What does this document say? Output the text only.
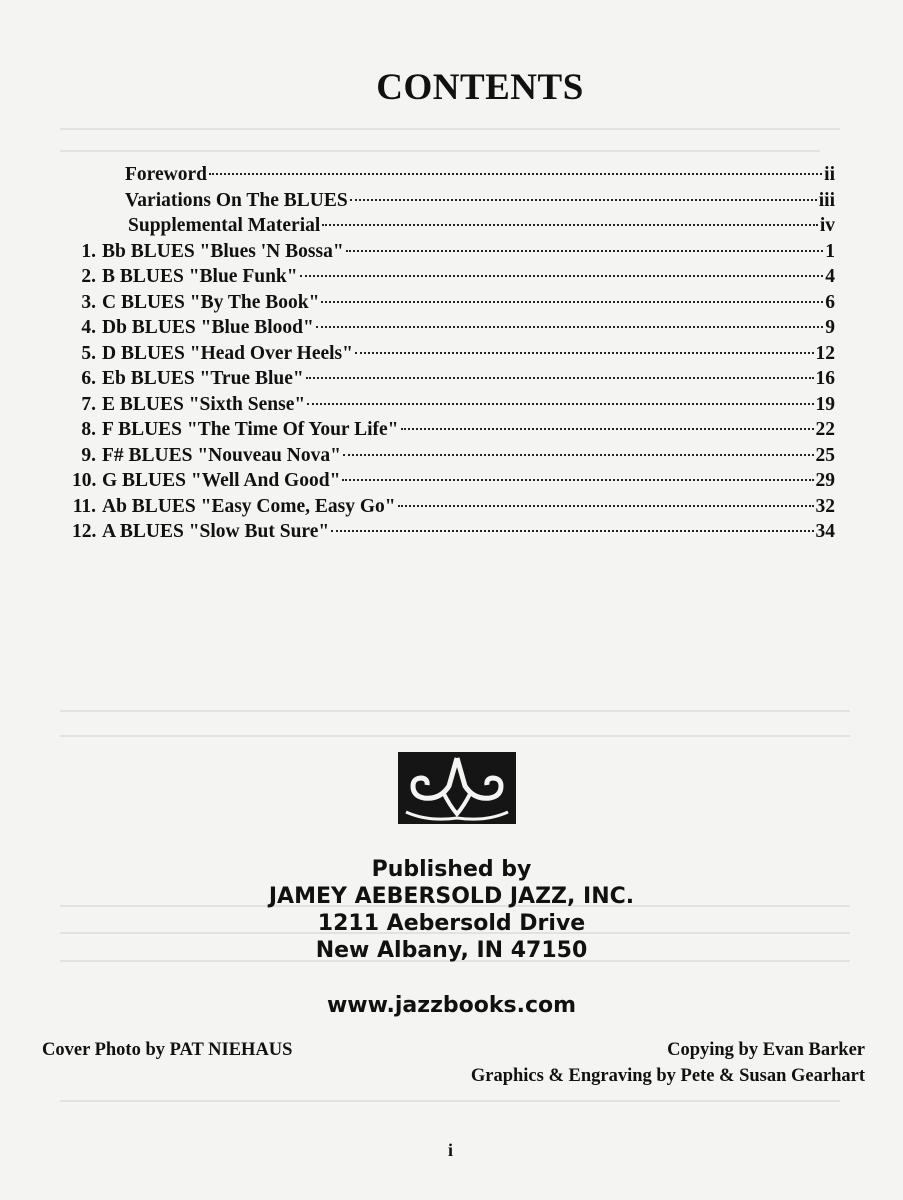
CONTENTS
Foreword	ii
Variations On The BLUES	iii
Supplemental Material	iv
1. Bb BLUES "Blues 'N Bossa"	1
2. B BLUES "Blue Funk"	4
3. C BLUES "By The Book"	6
4. Db BLUES "Blue Blood"	9
5. D BLUES "Head Over Heels"	12
6. Eb BLUES "True Blue"	16
7. E BLUES "Sixth Sense"	19
8. F BLUES "The Time Of Your Life"	22
9. F# BLUES "Nouveau Nova"	25
10. G BLUES "Well And Good"	29
11. Ab BLUES "Easy Come, Easy Go"	32
12. A BLUES "Slow But Sure"	34
Published by
JAMEY AEBERSOLD JAZZ, INC.
1211 Aebersold Drive
New Albany, IN 47150
www.jazzbooks.com
Cover Photo by PAT NIEHAUS	Copying by Evan Barker
Graphics & Engraving by Pete & Susan Gearhart
i
